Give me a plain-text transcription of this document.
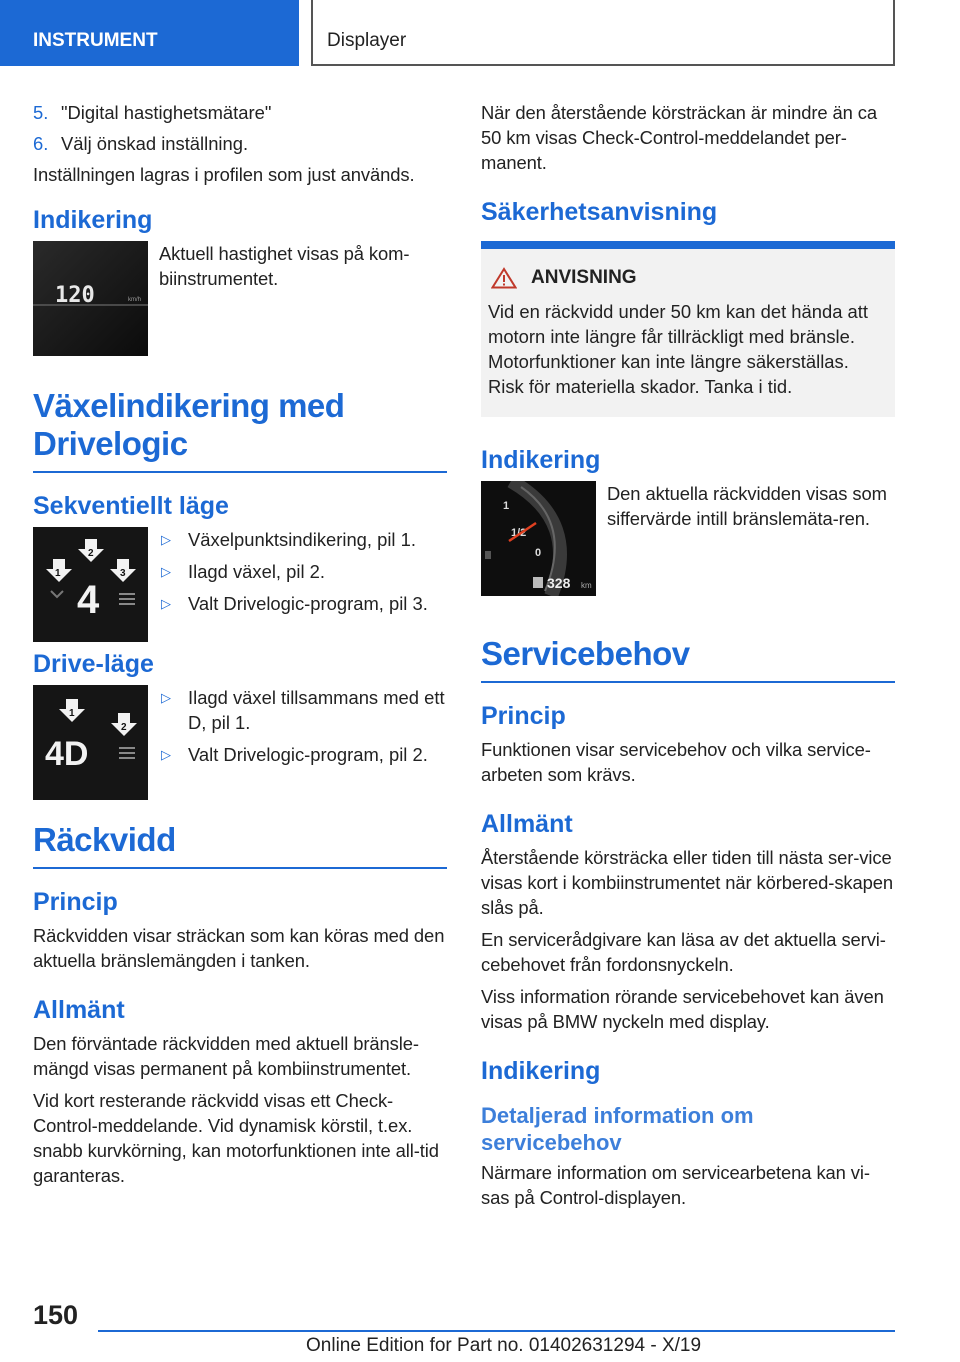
INSTRUMENT	Displayer
5. "Digital hastighetsmätare"
6. Välj önskad inställning.

Inställningen lagras i profilen som just används.

Indikering
120	km/h

Aktuell hastighet visas på kom-biinstrumentet.

Växelindikering med Drivelogic
Sekventiellt läge
1
2
3
4
▷ Växelpunktsindikering, pil 1.
▷ Ilagd växel, pil 2.
▷ Valt Drivelogic-program, pil 3.
Drive-läge
1
2
4D
▷ Ilagd växel tillsammans med ett D, pil 1.
▷ Valt Drivelogic-program, pil 2.
Räckvidd
Princip

Räckvidden visar sträckan som kan köras med den aktuella bränslemängden i tanken.

Allmänt

Den förväntade räckvidden med aktuell bränsle-mängd visas permanent på kombiinstrumentet.

Vid kort resterande räckvidd visas ett Check-Control-meddelande. Vid dynamisk körstil, t.ex. snabb kurvkörning, kan motorfunktionen inte all-tid garanteras.

När den återstående körsträckan är mindre än ca 50 km visas Check-Control-meddelandet per-manent.

Säkerhetsanvisning
ANVISNING

Vid en räckvidd under 50 km kan det hända att motorn inte längre får tillräckligt med bränsle. Motorfunktioner kan inte längre säkerställas. Risk för materiella skador. Tanka i tid.

Indikering
1
1/2
0
328 km

Den aktuella räckvidden visas som siffervärde intill bränslemäta-ren.

Servicebehov
Princip

Funktionen visar servicebehov och vilka service-arbeten som krävs.

Allmänt

Återstående körsträcka eller tiden till nästa ser-vice visas kort i kombiinstrumentet när körbered-skapen slås på.

En servicerådgivare kan läsa av det aktuella servi-cebehovet från fordonsnyckeln.

Viss information rörande servicebehovet kan även visas på BMW nyckeln med display.

Indikering
Detaljerad information om servicebehov

Närmare information om servicearbetena kan vi-sas på Control-displayen.

150
Online Edition for Part no. 01402631294 - X/19
